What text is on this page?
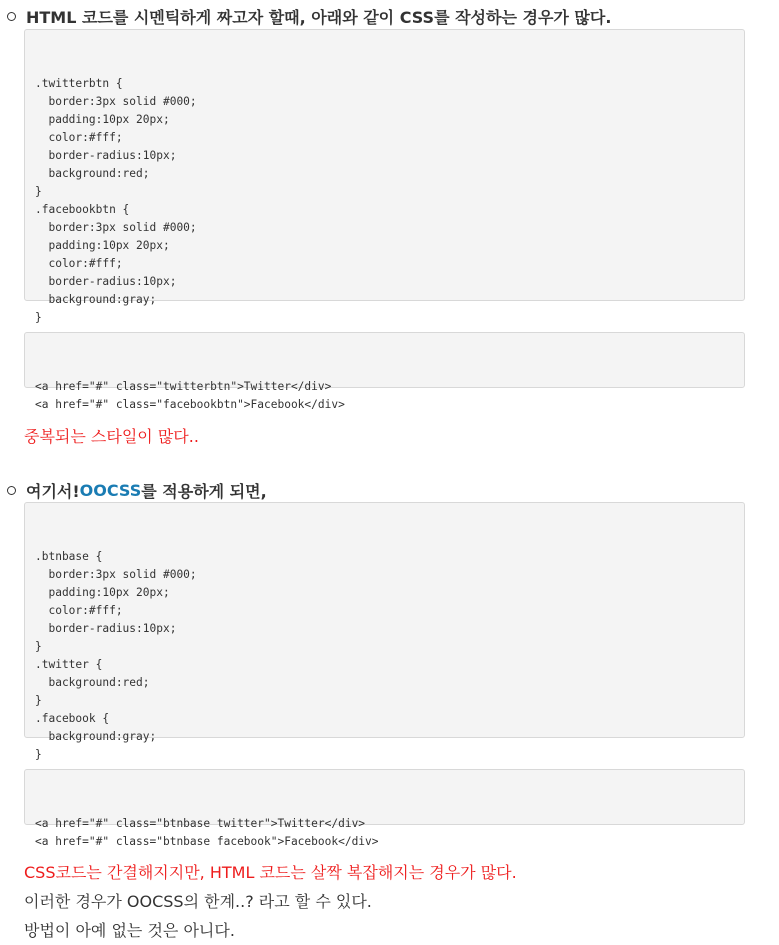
HTML 코드를 시멘틱하게 짜고자 할때, 아래와 같이 CSS를 작성하는 경우가 많다.

.twitterbtn {
border:3px solid #000;
padding:10px 20px;
color:#fff;
border-radius:10px;
background:red;
}
.facebookbtn {
border:3px solid #000;
padding:10px 20px;
color:#fff;
border-radius:10px;
background:gray;
}

<a href="#" class="twitterbtn">Twitter</div>
<a href="#" class="facebookbtn">Facebook</div>

중복되는 스타일이 많다..
여기서! OOCSS 를 적용하게 되면,

.btnbase {
border:3px solid #000;
padding:10px 20px;
color:#fff;
border-radius:10px;
}
.twitter {
background:red;
}
.facebook {
background:gray;
}

<a href="#" class="btnbase twitter">Twitter</div>
<a href="#" class="btnbase facebook">Facebook</div>

CSS코드는 간결해지지만, HTML 코드는 살짝 복잡해지는 경우가 많다.
이러한 경우가 OOCSS의 한계..? 라고 할 수 있다.
방법이 아예 없는 것은 아니다.
